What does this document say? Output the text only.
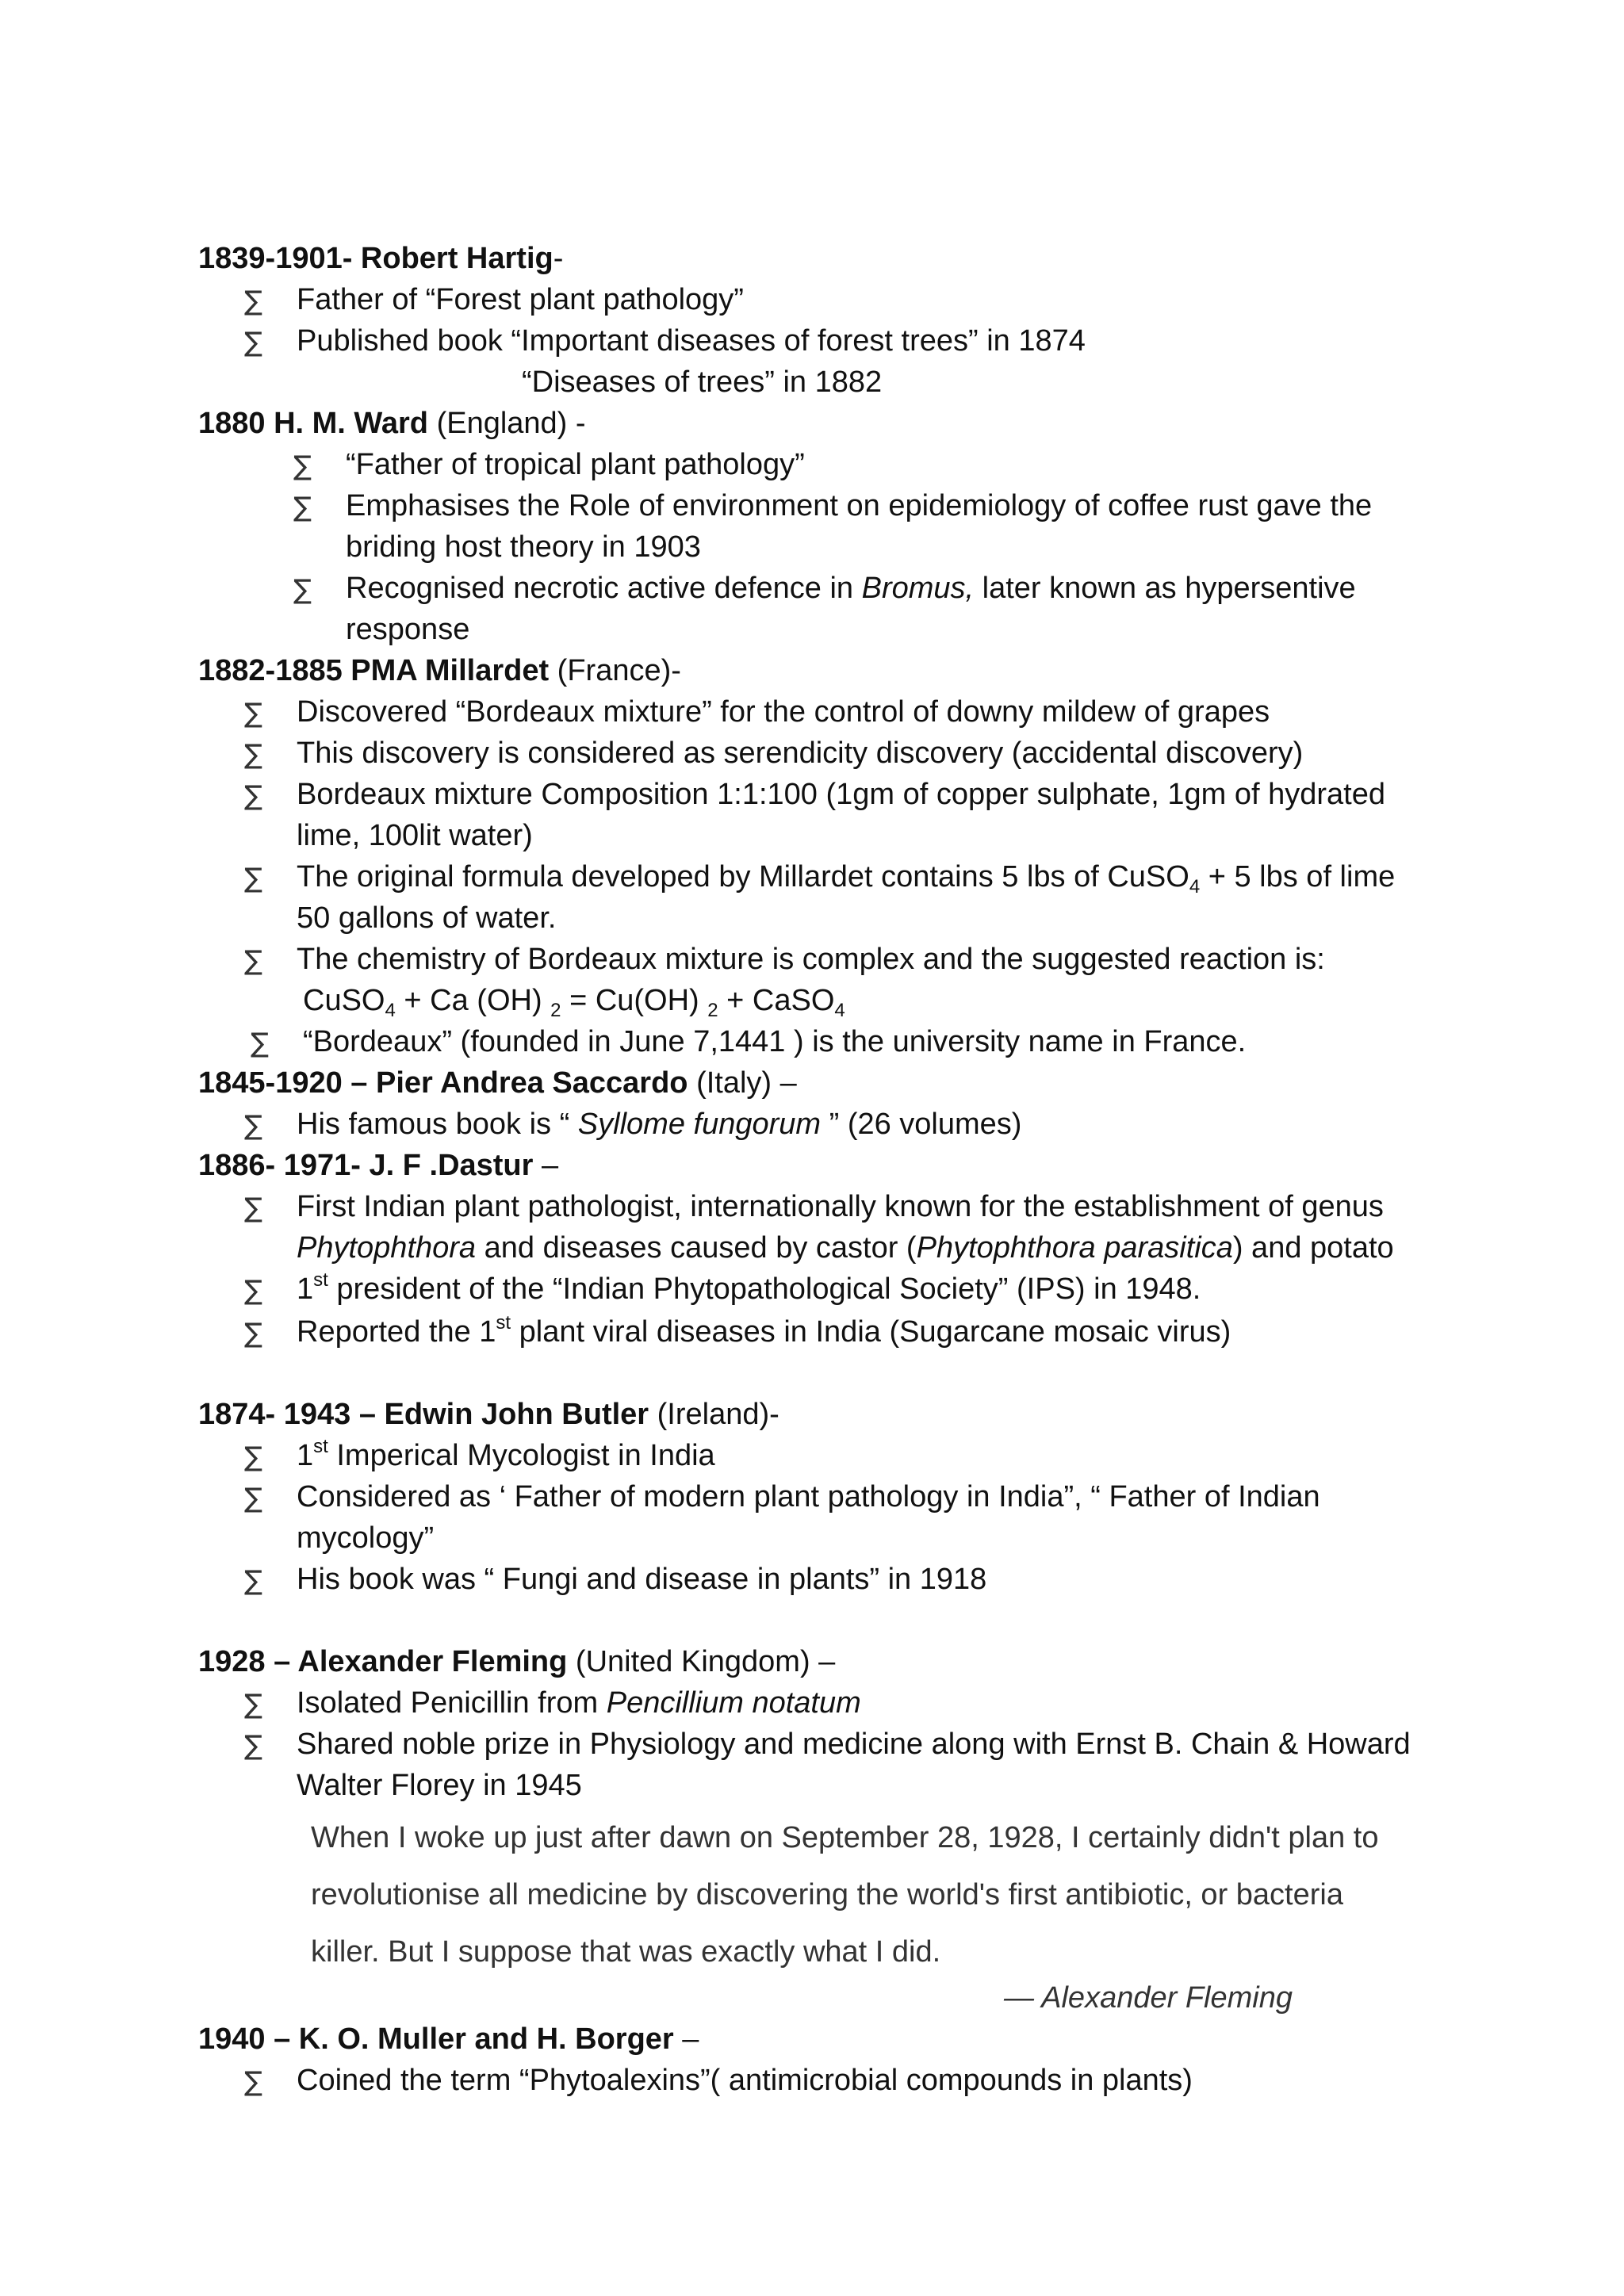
1839-1901- Robert Hartig-
∑ Father of “Forest plant pathology”
∑ Published book “Important diseases of forest trees” in 1874
“Diseases of trees” in 1882
1880 H. M. Ward (England) -
∑ “Father of tropical plant pathology”
∑ Emphasises the Role of environment on epidemiology of coffee rust gave the
briding host theory in 1903
∑ Recognised necrotic active defence in Bromus, later known as hypersentive
response
1882-1885 PMA Millardet (France)-
∑ Discovered “Bordeaux mixture” for the control of downy mildew of grapes
∑ This discovery is considered as serendicity discovery (accidental discovery)
∑ Bordeaux mixture Composition 1:1:100 (1gm of copper sulphate, 1gm of hydrated
lime, 100lit water)
∑ The original formula developed by Millardet contains 5 lbs of CuSO$_4$ + 5 lbs of lime
50 gallons of water.
∑ The chemistry of Bordeaux mixture is complex and the suggested reaction is:
CuSO$_4$ + Ca (OH) $_2$ = Cu(OH) $_2$ + CaSO$_4$
∑ “Bordeaux” (founded in June 7,1441 ) is the university name in France.
1845-1920 – Pier Andrea Saccardo (Italy) –
∑ His famous book is “ Syllome fungorum ” (26 volumes)
1886- 1971- J. F .Dastur –
∑ First Indian plant pathologist, internationally known for the establishment of genus
Phytophthora and diseases caused by castor (Phytophthora parasitica) and potato
∑ 1st president of the “Indian Phytopathological Society” (IPS) in 1948.
∑ Reported the 1st plant viral diseases in India (Sugarcane mosaic virus)
1874- 1943 – Edwin John Butler (Ireland)-
∑ 1st Imperical Mycologist in India
∑ Considered as ‘ Father of modern plant pathology in India”, “ Father of Indian
mycology”
∑ His book was “ Fungi and disease in plants” in 1918
1928 – Alexander Fleming (United Kingdom) –
∑ Isolated Penicillin from Pencillium notatum
∑ Shared noble prize in Physiology and medicine along with Ernst B. Chain & Howard
Walter Florey in 1945
When I woke up just after dawn on September 28, 1928, I certainly didn't plan to
revolutionise all medicine by discovering the world's first antibiotic, or bacteria
killer. But I suppose that was exactly what I did.
— Alexander Fleming
1940 – K. O. Muller and H. Borger –
∑ Coined the term “Phytoalexins”( antimicrobial compounds in plants)
